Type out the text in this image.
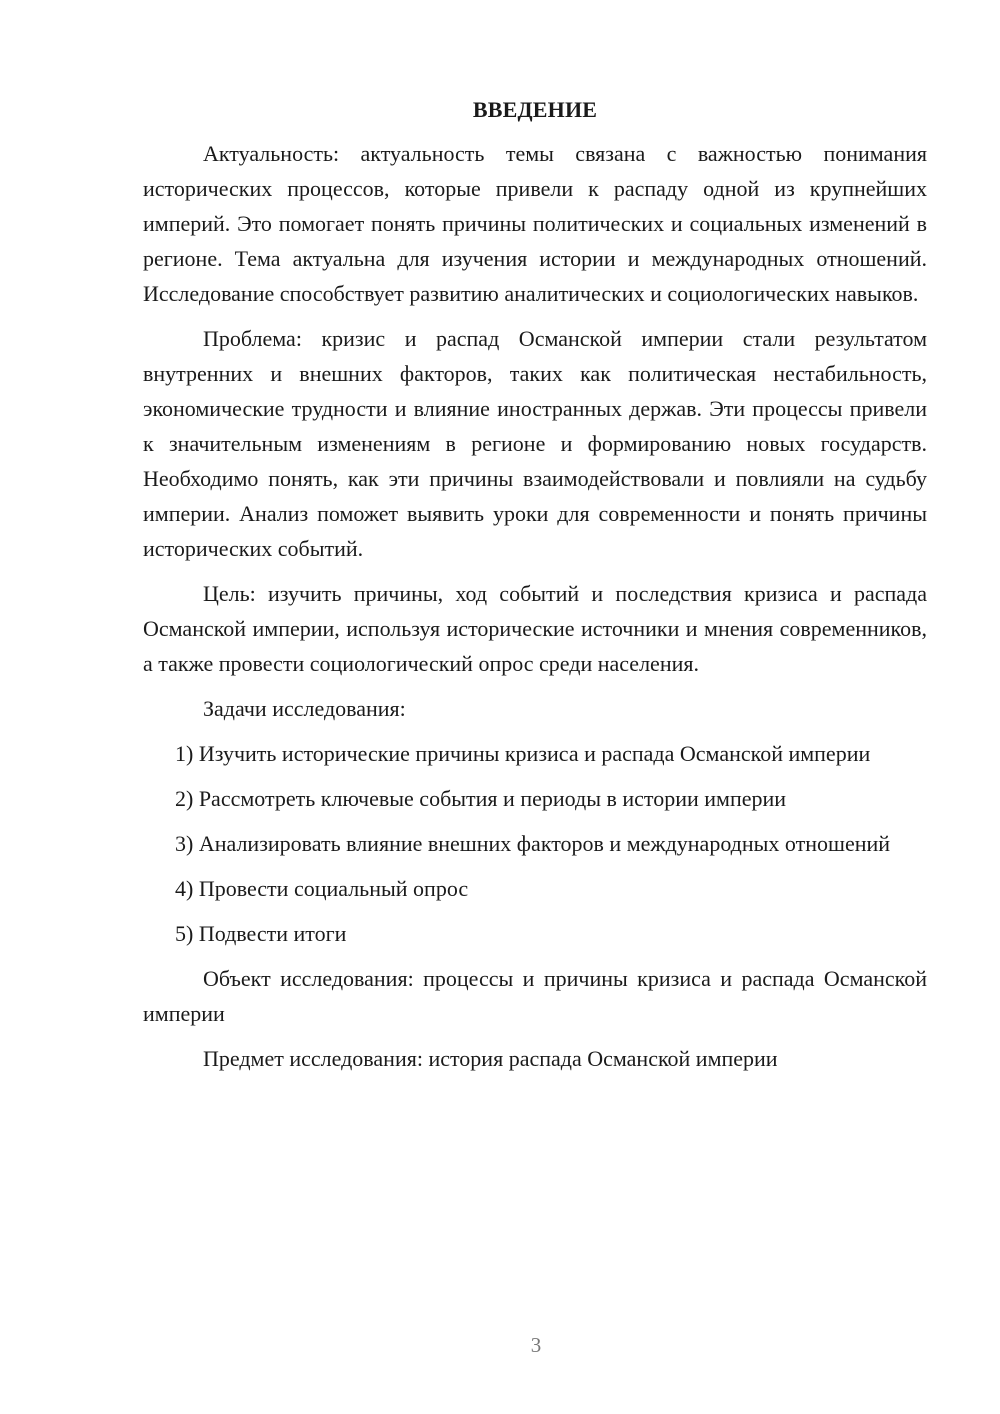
ВВЕДЕНИЕ

Актуальность: актуальность темы связана с важностью понимания исторических процессов, которые привели к распаду одной из крупнейших империй. Это помогает понять причины политических и социальных изменений в регионе. Тема актуальна для изучения истории и международных отношений. Исследование способствует развитию аналитических и социологических навыков.

Проблема: кризис и распад Османской империи стали результатом внутренних и внешних факторов, таких как политическая нестабильность, экономические трудности и влияние иностранных держав. Эти процессы привели к значительным изменениям в регионе и формированию новых государств. Необходимо понять, как эти причины взаимодействовали и повлияли на судьбу империи. Анализ поможет выявить уроки для современности и понять причины исторических событий.

Цель: изучить причины, ход событий и последствия кризиса и распада Османской империи, используя исторические источники и мнения современников, а также провести социологический опрос среди населения.

Задачи исследования:

1) Изучить исторические причины кризиса и распада Османской империи

2) Рассмотреть ключевые события и периоды в истории империи

3) Анализировать влияние внешних факторов и международных отношений

4) Провести социальный опрос

5) Подвести итоги

Объект исследования: процессы и причины кризиса и распада Османской империи

Предмет исследования: история распада Османской империи

3
